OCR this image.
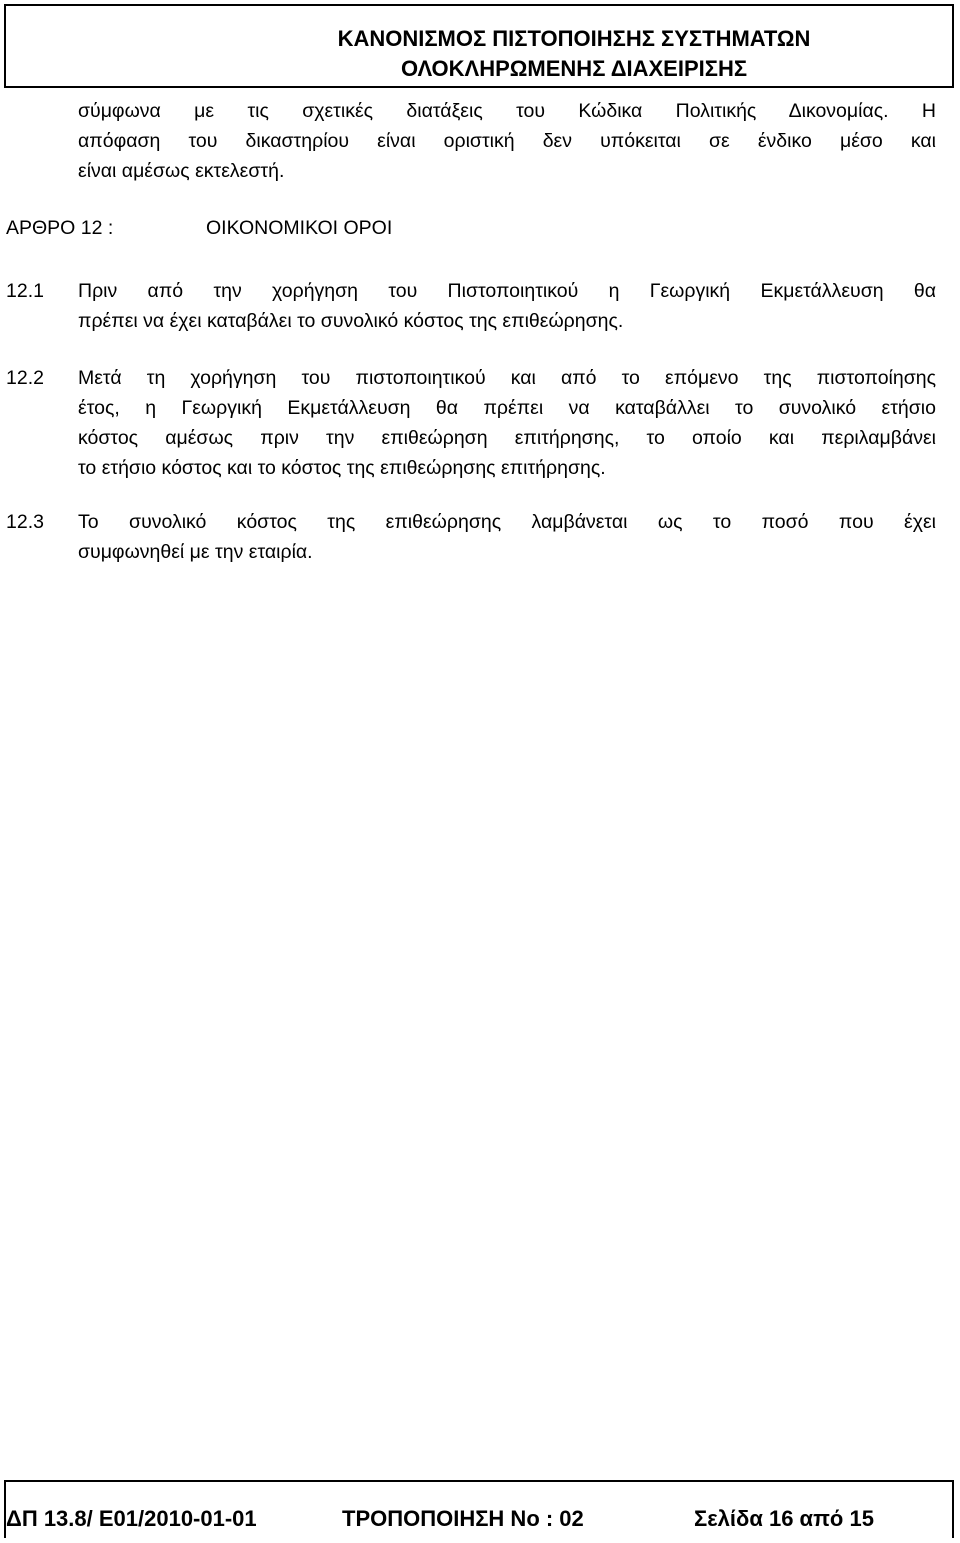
ΚΑΝΟΝΙΣΜΟΣ ΠΙΣΤΟΠΟΙΗΣΗΣ ΣΥΣΤΗΜΑΤΩΝ
ΟΛΟΚΛΗΡΩΜΕΝΗΣ ΔΙΑΧΕΙΡΙΣΗΣ
σύμφωνα με τις σχετικές διατάξεις του Κώδικα Πολιτικής Δικονομίας. Η
απόφαση του δικαστηρίου είναι οριστική δεν υπόκειται σε ένδικο μέσο και
είναι αμέσως εκτελεστή.
ΑΡΘΡΟ 12 :	ΟΙΚΟΝΟΜΙΚΟΙ ΟΡΟΙ
12.1	Πριν από την χορήγηση του Πιστοποιητικού η Γεωργική Εκμετάλλευση θα
πρέπει να έχει καταβάλει το συνολικό κόστος της επιθεώρησης.
12.2	Μετά τη χορήγηση του πιστοποιητικού και από το επόμενο της πιστοποίησης
έτος, η Γεωργική Εκμετάλλευση θα πρέπει να καταβάλλει το συνολικό ετήσιο
κόστος αμέσως πριν την επιθεώρηση επιτήρησης, το οποίο και περιλαμβάνει
το ετήσιο κόστος και το κόστος της επιθεώρησης επιτήρησης.
12.3	Το συνολικό κόστος της επιθεώρησης λαμβάνεται ως το ποσό που έχει
συμφωνηθεί με την εταιρία.
ΔΠ 13.8/ Ε01/2010-01-01	ΤΡΟΠΟΠΟΙΗΣΗ Νο : 02	Σελίδα 16 από 15
